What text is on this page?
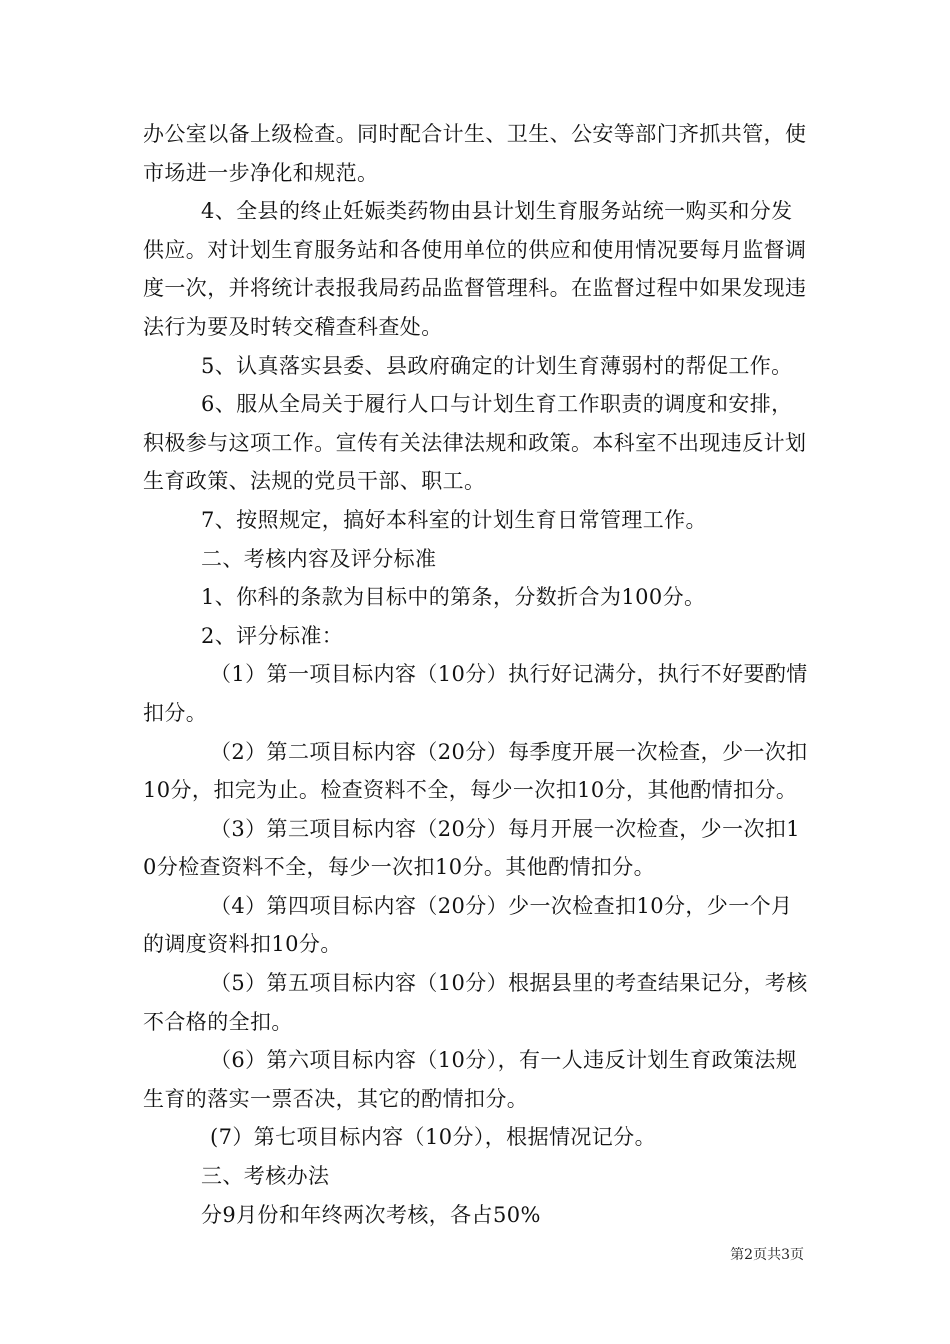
办公室以备上级检查。同时配合计生、卫生、公安等部门齐抓共管，使市场进一步净化和规范。

4、全县的终止妊娠类药物由县计划生育服务站统一购买和分发供应。对计划生育服务站和各使用单位的供应和使用情况要每月监督调度一次，并将统计表报我局药品监督管理科。在监督过程中如果发现违法行为要及时转交稽查科查处。

5、认真落实县委、县政府确定的计划生育薄弱村的帮促工作。

6、服从全局关于履行人口与计划生育工作职责的调度和安排，积极参与这项工作。宣传有关法律法规和政策。本科室不出现违反计划生育政策、法规的党员干部、职工。

7、按照规定，搞好本科室的计划生育日常管理工作。

二、考核内容及评分标准

1、你科的条款为目标中的第条，分数折合为100分。

2、评分标准：

（1）第一项目标内容（10分）执行好记满分，执行不好要酌情扣分。

（2）第二项目标内容（20分）每季度开展一次检查，少一次扣10分，扣完为止。检查资料不全，每少一次扣10分，其他酌情扣分。

（3）第三项目标内容（20分）每月开展一次检查，少一次扣10分检查资料不全，每少一次扣10分。其他酌情扣分。

（4）第四项目标内容（20分）少一次检查扣10分，少一个月的调度资料扣10分。

（5）第五项目标内容（10分）根据县里的考查结果记分，考核不合格的全扣。

（6）第六项目标内容（10分），有一人违反计划生育政策法规生育的落实一票否决，其它的酌情扣分。

(7）第七项目标内容（10分），根据情况记分。

三、考核办法

分9月份和年终两次考核，各占50%

第2页共3页
